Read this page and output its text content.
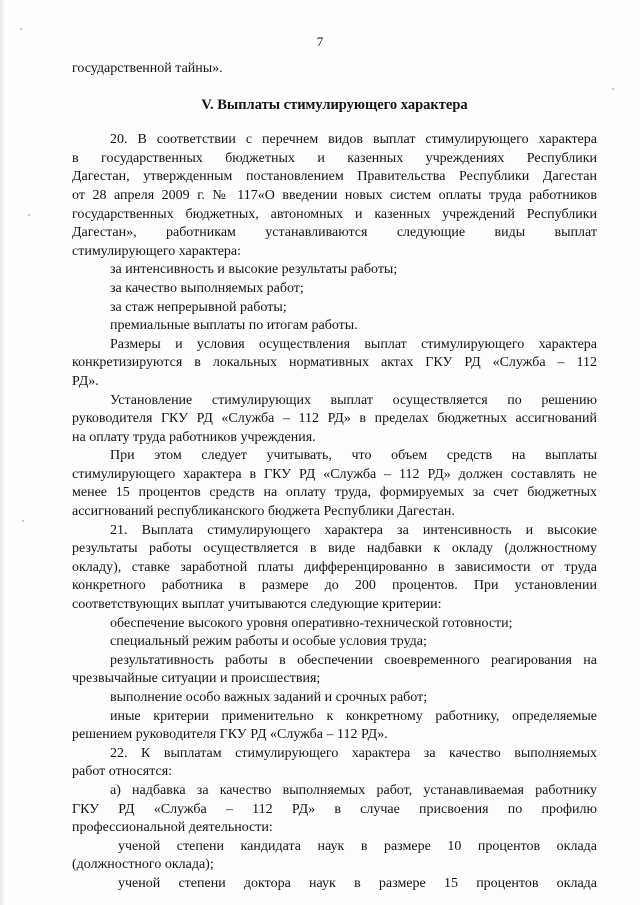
7
государственной тайны».
V. Выплаты стимулирующего характера
20. В соответствии с перечнем видов выплат стимулирующего характера
в государственных бюджетных и казенных учреждениях Республики
Дагестан, утвержденным постановлением Правительства Республики Дагестан
от 28 апреля 2009 г. № 117«О введении новых систем оплаты труда работников
государственных бюджетных, автономных и казенных учреждений Республики
Дагестан», работникам устанавливаются следующие виды выплат
стимулирующего характера:
за интенсивность и высокие результаты работы;
за качество выполняемых работ;
за стаж непрерывной работы;
премиальные выплаты по итогам работы.
Размеры и условия осуществления выплат стимулирующего характера
конкретизируются в локальных нормативных актах ГКУ РД «Служба – 112
РД».
Установление стимулирующих выплат осуществляется по решению
руководителя ГКУ РД «Служба – 112 РД» в пределах бюджетных ассигнований
на оплату труда работников учреждения.
При этом следует учитывать, что объем средств на выплаты
стимулирующего характера в ГКУ РД «Служба – 112 РД» должен составлять не
менее 15 процентов средств на оплату труда, формируемых за счет бюджетных
ассигнований республиканского бюджета Республики Дагестан.
21. Выплата стимулирующего характера за интенсивность и высокие
результаты работы осуществляется в виде надбавки к окладу (должностному
окладу), ставке заработной платы дифференцированно в зависимости от труда
конкретного работника в размере до 200 процентов. При установлении
соответствующих выплат учитываются следующие критерии:
обеспечение высокого уровня оперативно-технической готовности;
специальный режим работы и особые условия труда;
результативность работы в обеспечении своевременного реагирования на
чрезвычайные ситуации и происшествия;
выполнение особо важных заданий и срочных работ;
иные критерии применительно к конкретному работнику, определяемые
решением руководителя ГКУ РД «Служба – 112 РД».
22. К выплатам стимулирующего характера за качество выполняемых
работ относятся:
а) надбавка за качество выполняемых работ, устанавливаемая работнику
ГКУ РД «Служба – 112 РД» в случае присвоения по профилю
профессиональной деятельности:
ученой степени кандидата наук в размере 10 процентов оклада
(должностного оклада);
ученой степени доктора наук в размере 15 процентов оклада
